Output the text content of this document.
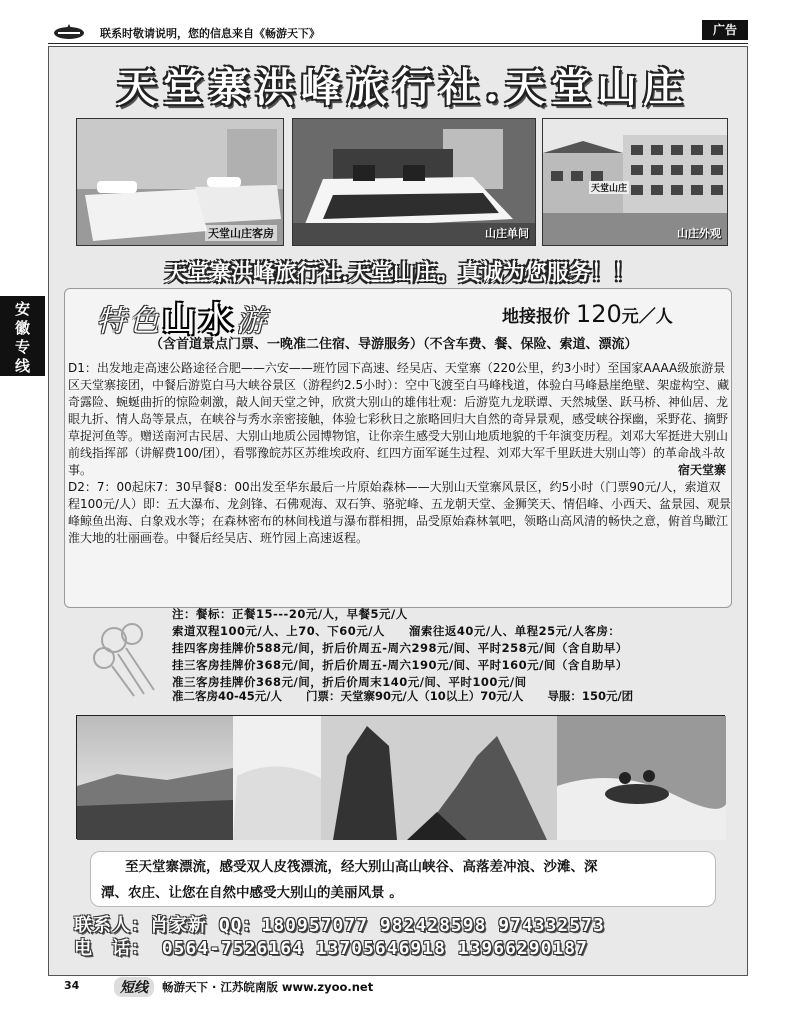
联系时敬请说明，您的信息来自《畅游天下》	广告
安
徽
专
线
天堂寨洪峰旅行社.天堂山庄
天堂山庄客房	山庄单间
天堂山庄
山庄外观
天堂寨洪峰旅行社.天堂山庄。真诚为您服务！！
特色山水游	地接报价 120元／人
（含首道景点门票、一晚准二住宿、导游服务）（不含车费、餐、保险、索道、漂流）

D1：出发地走高速公路途径合肥——六安——班竹园下高速、经吴店、天堂寨（220公里，约3小时）至国家AAAA级旅游景区天堂寨接团，中餐后游览白马大峡谷景区（游程约2.5小时）：空中飞渡至白马峰栈道，体验白马峰悬崖绝壁、架虚构空、藏奇露险、蜿蜒曲折的惊险刺激，敲人间天堂之钟，欣赏大别山的雄伟壮观：后游览九龙联谭、天然城堡、跃马桥、神仙居、龙眼九折、情人岛等景点，在峡谷与秀水亲密接触，体验七彩秋日之旅略回归大自然的奇异景观，感受峡谷探幽，采野花、摘野草捉河鱼等。赠送南河古民居、大别山地质公园博物馆，让你亲生感受大别山地质地貌的千年演变历程。刘邓大军挺进大别山前线指挥部（讲解费100/团），看鄂豫皖苏区苏维埃政府、红四方面军诞生过程、刘邓大军千里跃进大别山等）的革命战斗故事。	宿天堂寨

D2：7：00起床7：30早餐8：00出发至华东最后一片原始森林——大别山天堂寨风景区，约5小时（门票90元/人，索道双程100元/人）即：五大瀑布、龙剑锋、石佛观海、双石笋、骆驼峰、五龙朝天堂、金狮笑天、情侣峰、小西天、盆景园、观景峰鲸鱼出海、白象戏水等；在森林密布的林间栈道与瀑布群相拥，品受原始森林氧吧，领略山高风清的畅快之意，俯首鸟瞰江淮大地的壮丽画卷。中餐后经吴店、班竹园上高速返程。

注：餐标：正餐15---20元/人，早餐5元/人
索道双程100元/人、上70、下60元/人　　溜索往返40元/人、单程25元/人客房：
挂四客房挂牌价588元/间，折后价周五-周六298元/间、平时258元/间（含自助早）
挂三客房挂牌价368元/间，折后价周五-周六190元/间、平时160元/间（含自助早）
准三客房挂牌价368元/间，折后价周末140元/间、平时100元/间
准二客房40-45元/人 门票：天堂寨90元/人（10以上）70元/人 导服：150元/团
至天堂寨漂流，感受双人皮筏漂流，经大别山高山峡谷、高落差冲浪、沙滩、深
潭、农庄、让您在自然中感受大别山的美丽风景 。
联系人：肖家新 QQ：180957077 982428598 974332573
电　话： 0564-7526164 13705646918 13966290187
34	短线	畅游天下 · 江苏皖南版 www.zyoo.net
